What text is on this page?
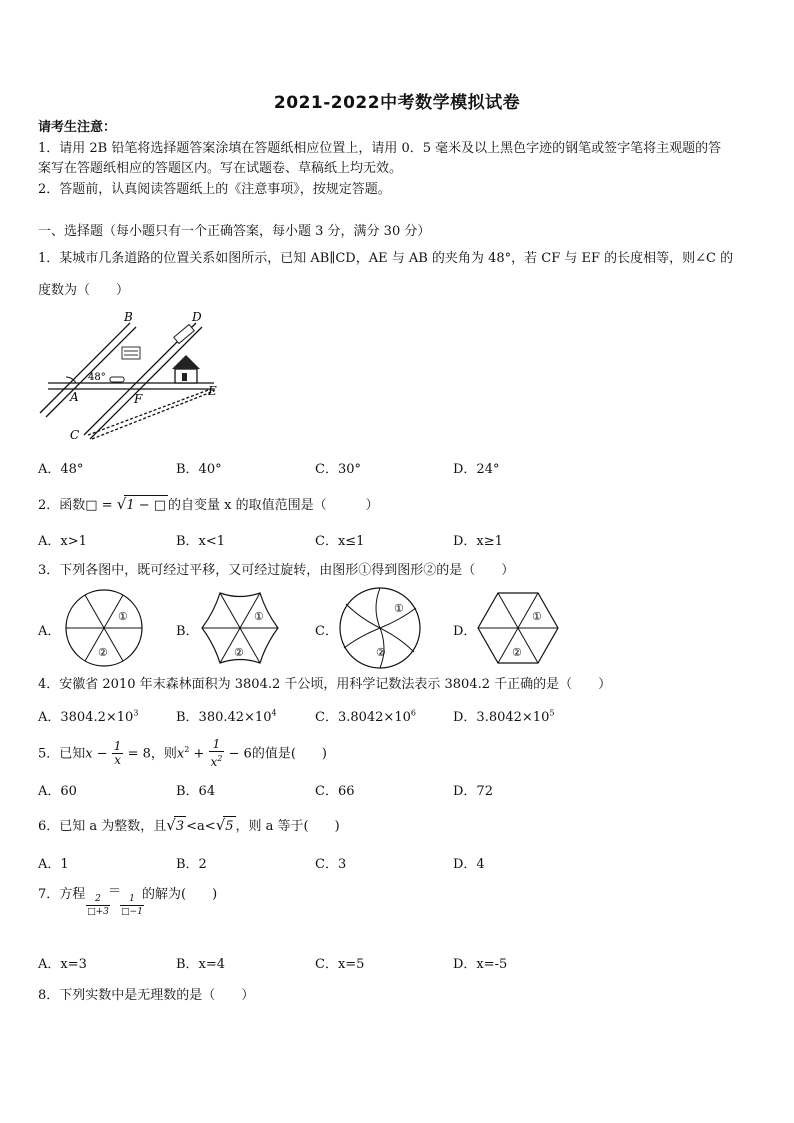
2021-2022中考数学模拟试卷
请考生注意：
1．请用 2B 铅笔将选择题答案涂填在答题纸相应位置上，请用 0．5 毫米及以上黑色字迹的钢笔或签字笔将主观题的答
案写在答题纸相应的答题区内。写在试题卷、草稿纸上均无效。
2．答题前，认真阅读答题纸上的《注意事项》，按规定答题。
一、选择题（每小题只有一个正确答案，每小题 3 分，满分 30 分）
1．某城市几条道路的位置关系如图所示，已知 AB∥CD，AE 与 AB 的夹角为 48°，若 CF 与 EF 的长度相等，则∠C 的
度数为（　　）
48°
B	D
A	F
E
C
A．48°	B．40°	C．30°	D．24°
2．函数□ = √1 − □ 的自变量 x 的取值范围是（　　　）
A．x>1	B．x<1	C．x≤1	D．x≥1
3．下列各图中，既可经过平移，又可经过旋转，由图形①得到图形②的是（　　）
A．
①
②
B．
①
②
C．
①
②
D．
①
②
4．安徽省 2010 年末森林面积为 3804.2 千公顷，用科学记数法表示 3804.2 千正确的是（　　）
A．$3804.2\times 10^3$	B．$380.42\times 10^4$	C．$3.8042\times 10^6$	D．$3.8042\times 10^5$
5．已知$x - \frac{1}{x} = 8$，则$x^2 + \frac{1}{x^2} - 6$的值是(　　)
A．60	B．64	C．66	D．72
6．已知 a 为整数，且√3 <a<√5 ，则 a 等于(　　)
A．1	B．2	C．3	D．4
7．方程	2
□+3
＝ 1
□−1
的解为(　　)
A．x=3	B．x=4	C．x=5	D．x=-5
8．下列实数中是无理数的是（　　）
